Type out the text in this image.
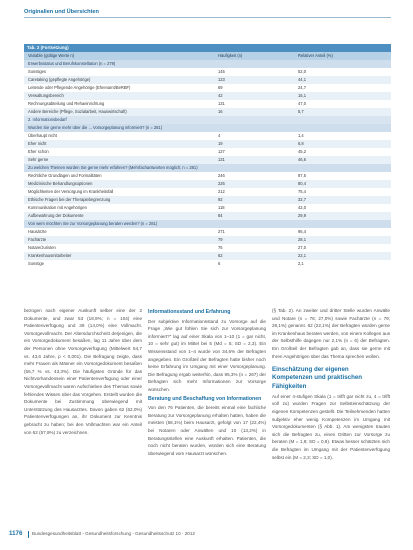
Originalien und Übersichten
Tab. 2 (Fortsetzung)
Variable (gültige Werte n)	Häufigkeit (n)	Relativer Anteil (%)
Erwerbsstatus und Berufskonstellation (n = 279)
Sonstiges	145	52,0
Caretaking (gepflegte Angehörige)	123	44,1
Leitende oder Pflegende Angehörige (Ehrenamt/BeRBF)	69	24,7
Verwaltungsbereich	42	15,1
Rechnungsabteilung und Rehaeinrichtung	131	47,0
Andere Bereiche (Pflege, Sozialarbeit, Hauswirtschaft)	16	5,7
2. Informationsbedarf
Wurden Sie gerne mehr über die ... Vorsorgeplanung informiert? (n = 281)
Überhaupt nicht	4	1,4
Eher nicht	19	6,8
Eher schon	127	45,2
Sehr gerne	131	46,6
Zu welchen Themen würden Sie gerne mehr erfahren? (Mehrfachantworten möglich; n = 281)
Rechtliche Grundlagen und Formalitäten	246	87,5
Medizinische Behandlungsoptionen	226	80,4
Möglichkeiten der Versorgung im Krankheitsfall	212	75,4
Ethische Fragen bei der Therapiebegrenzung	92	32,7
Kommunikation mit Angehörigen	118	42,0
Aufbewahrung der Dokumente	84	29,9
Von wem möchten Sie zur Vorsorgeplanung beraten werden? (n = 281)
Hausärzte	271	96,4
Fachärzte	79	28,1
Notare/Juristen	76	27,0
Krankenhausmitarbeiter	62	22,1
Sonstige	6	2,1

bezogen nach eigener Auskunft selber eine der 2 Dokumente, und zwar 53 (18,9%; n = 104) eine Patientenverfügung und 39 (14,0%) eine Vollmacht. Vorsorgevollmacht. Der Altersdurchschnitt derjenigen, die ein Vorsorgedokument besaßen, lag 11 Jahre über dem der Personen ohne Vorsorgeverfügung (Mittelwert 54,7 vs. 43,6 Jahre, p < 0,001). Die Befragung zeigte, dass mehr Frauen als Männer ein Vorsorgedokument besaßen (56,7 % vs. 43,3%). Die häufigsten Gründe für das Nichtvorhandensein einer Patientenverfügung oder einer Vorsorgevollmacht waren Aufschieben des Themas sowie fehlendes Wissen über das Vorgehen. Erstellt wurden die Dokumente bei Zustimmung überwiegend mit Unterstützung des Hausarztes. Davon gaben 62 (62,0%) Patientenverfügungen an, ihr Dokument zur Kenntnis gebracht zu haben; bei den Vollmachten war ein Anteil von 62 (57,9%) zu verzeichnen.

Informationsstand und Erfahrung

Der subjektive Informationsstand zu Vorsorge auf die Frage „Wie gut fühlen Sie sich zur Vorsorgeplanung informiert?“ lag auf einer Skala von 1–10 (1 = gar nicht, 10 = sehr gut) im Mittel bei 5 (Md = 5; SD = 2,3). Ein Wissensstand von 1–4 wurde von 34,6% der Befragten angegeben. Ein Großteil der Befragten hatte bisher noch keine Erfahrung im Umgang mit einer Vorsorgeplanung. Die Befragung ergab weiterhin, dass 95,3% (n = 267) der Befragten sich mehr Informationen zur Vorsorge wünschen.

Beratung und Beschaffung von Informationen

Von den 76 Patienten, die bereits einmal eine fachliche Beratung zur Vorsorgeplanung erhalten hatten, haben die meisten (58,1%) beim Hausarzt, gefolgt von 17 (22,4%) bei Notaren oder Anwälten und 10 (13,2%) in Beratungsstellen eine Auskunft erhalten. Patienten, die noch nicht beraten wurden, würden sich eine Beratung überwiegend vom Hausarzt wünschen.

(§ Tab. 2). An zweiter und dritter Stelle wurden Anwälte und Notare (n = 76; 27,0%) sowie Fachärzte (n = 79; 28,1%) genannt. 62 (22,1%) der Befragten würden gerne im Krankenhaus beraten werden, von einem Kollegen aus der Selbsthilfe dagegen nur 2,1% (n = 6) der Befragten. Ein Großteil der Befragten gab an, dass sie gerne mit Ihren Angehörigen über das Thema sprechen wollen.

Einschätzung der eigenen Kompetenzen und praktischen Fähigkeiten

Auf einer 4-stufigen Skala (1 = trifft gar nicht zu, 4 = trifft voll zu) wurden Fragen zur Selbsteinschätzung der eigenen Kompetenzen gestellt. Die Teilnehmenden hatten subjektiv eher wenig Kompetenzen im Umgang mit Vorsorgedokumenten (§ Abb. 1). Am wenigsten trauten sich die Befragten zu, einen Dritten zur Vorsorge zu beraten (M = 1,9; SD = 0,9). Etwas besser schätzten sich die Befragten im Umgang mit der Patientenverfügung selbst ein (M = 2,3; SD = 1,0).

1176 Bundesgesundheitsblatt - Gesundheitsforschung - Gesundheitsschutz 10 · 2012
